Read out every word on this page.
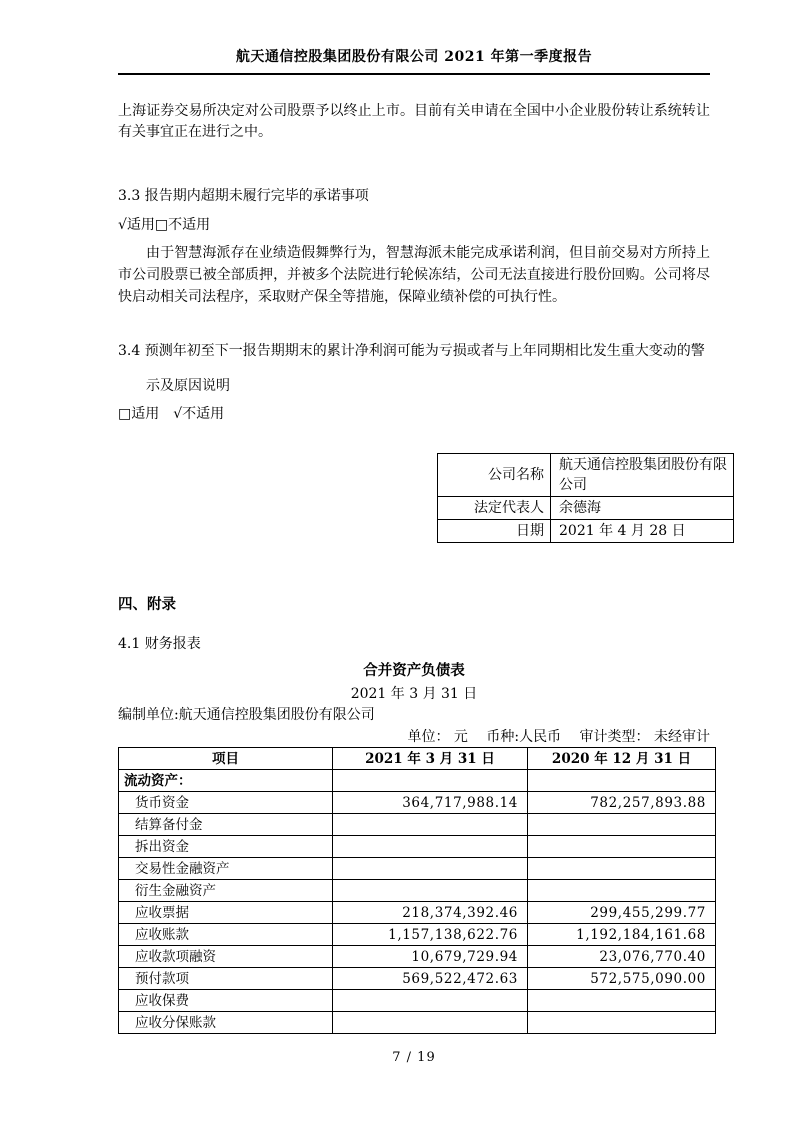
航天通信控股集团股份有限公司 2021 年第一季度报告
上海证券交易所决定对公司股票予以终止上市。目前有关申请在全国中小企业股份转让系统转让有关事宜正在进行之中。
3.3 报告期内超期未履行完毕的承诺事项
√适用□不适用
由于智慧海派存在业绩造假舞弊行为，智慧海派未能完成承诺利润，但目前交易对方所持上市公司股票已被全部质押，并被多个法院进行轮候冻结，公司无法直接进行股份回购。公司将尽快启动相关司法程序，采取财产保全等措施，保障业绩补偿的可执行性。
3.4 预测年初至下一报告期期末的累计净利润可能为亏损或者与上年同期相比发生重大变动的警示及原因说明
□适用　√不适用
公司名称	航天通信控股集团股份有限公司
法定代表人	余德海
日期	2021 年 4 月 28 日
四、附录
4.1 财务报表
合并资产负债表
2021 年 3 月 31 日
编制单位:航天通信控股集团股份有限公司
单位： 元　 币种:人民币　 审计类型： 未经审计
项目	2021 年 3 月 31 日	2020 年 12 月 31 日
流动资产：		
货币资金	364,717,988.14	782,257,893.88
结算备付金		
拆出资金		
交易性金融资产		
衍生金融资产		
应收票据	218,374,392.46	299,455,299.77
应收账款	1,157,138,622.76	1,192,184,161.68
应收款项融资	10,679,729.94	23,076,770.40
预付款项	569,522,472.63	572,575,090.00
应收保费		
应收分保账款		
7 / 19
